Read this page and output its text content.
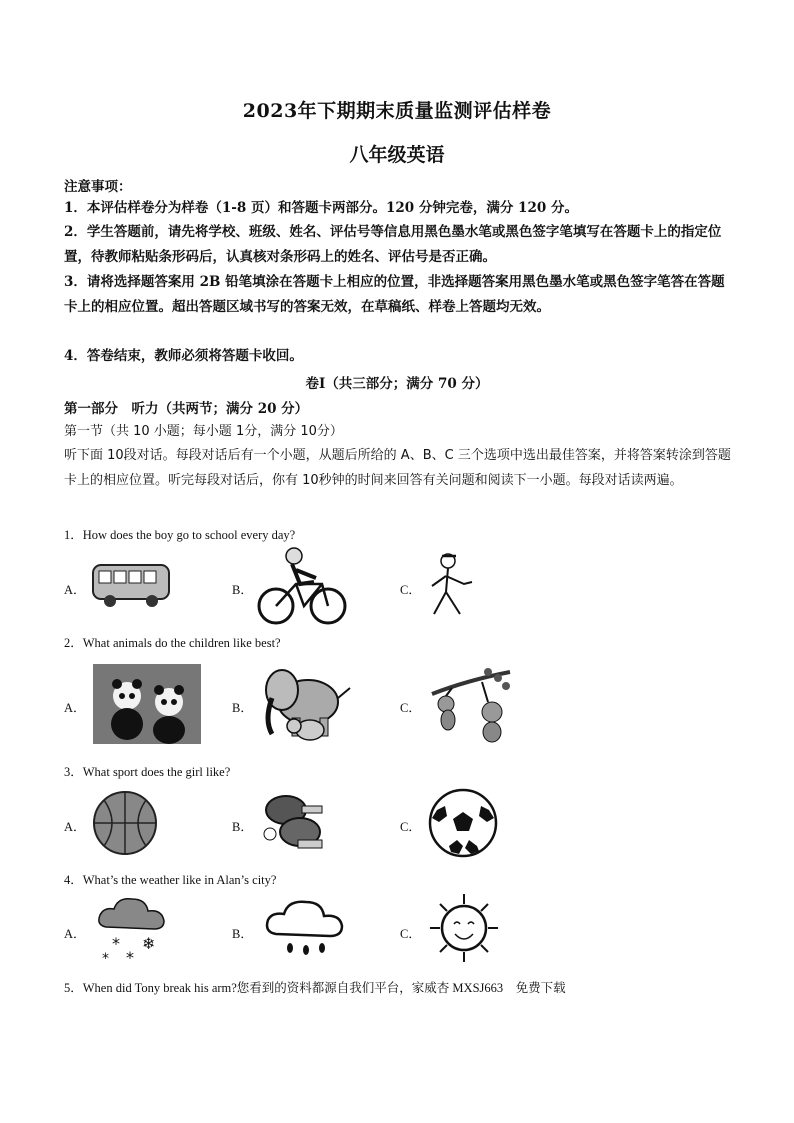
2023年下期期末质量监测评估样卷
八年级英语
注意事项：
1．本评估样卷分为样卷（1-8 页）和答题卡两部分。120 分钟完卷，满分 120 分。
2．学生答题前，请先将学校、班级、姓名、评估号等信息用黑色墨水笔或黑色签字笔填写在答题卡上的指定位置，待教师粘贴条形码后，认真核对条形码上的姓名、评估号是否正确。
3．请将选择题答案用 2B 铅笔填涂在答题卡上相应的位置，非选择题答案用黑色墨水笔或黑色签字笔答在答题卡上的相应位置。超出答题区域书写的答案无效，在草稿纸、样卷上答题均无效。
4．答卷结束，教师必须将答题卡收回。
卷Ⅰ（共三部分；满分 70 分）
第一部分　听力（共两节；满分 20 分）
第一节（共 10 小题；每小题 1分，满分 10分）
听下面 10段对话。每段对话后有一个小题，从题后所给的 A、B、C 三个选项中选出最佳答案，并将答案转涂到答题卡上的相应位置。听完每段对话后，你有 10秒钟的时间来回答有关问题和阅读下一小题。每段对话读两遍。
1．How does the boy go to school every day?
A．	B．	C．
2．What animals do the children like best?
A．	B．	C．
3．What sport does the girl like?
A．	B．	C．
4．What’s the weather like in Alan’s city?
A．	B．	C．
* ❄
* *
5．When did Tony break his arm?您看到的资料都源自我们平台，家威杏 MXSJ663　免费下载
